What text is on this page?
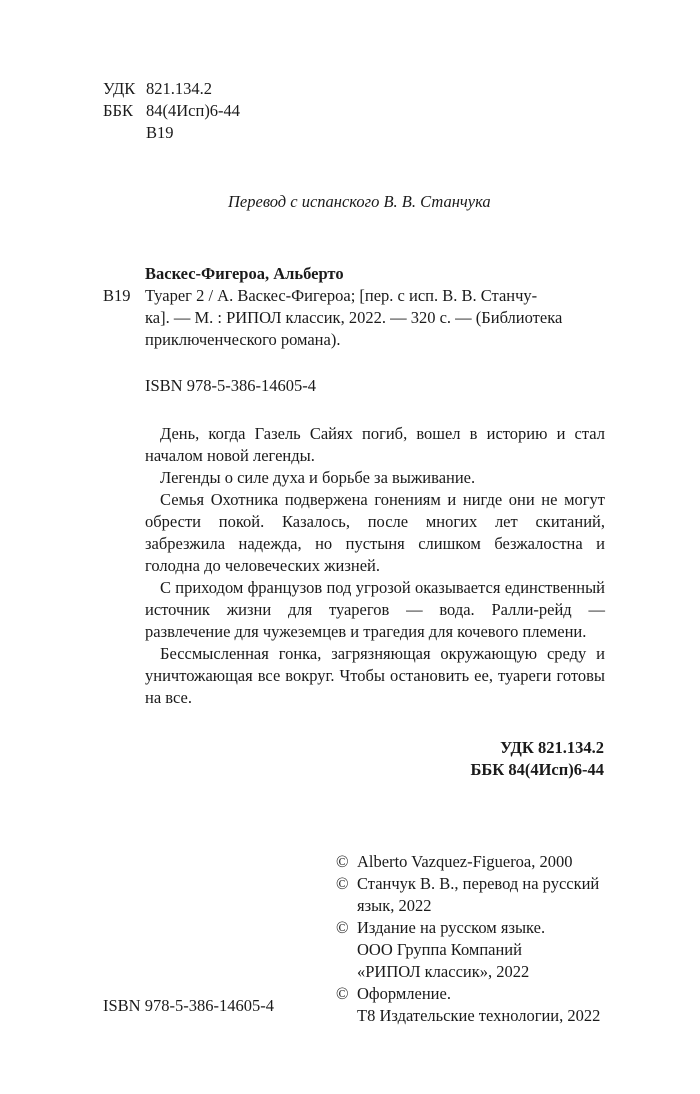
УДК 821.134.2
ББК 84(4Исп)6-44
В19
Перевод с испанского В. В. Станчука
Васкес-Фигероа, Альберто
В19 Туарег 2 / А. Васкес-Фигероа; [пер. с исп. В. В. Станчу-
ка]. — М. : РИПОЛ классик, 2022. — 320 с. — (Библиотека
приключенческого романа).
ISBN 978-5-386-14605-4

День, когда Газель Сайях погиб, вошел в историю и стал началом новой легенды.

Легенды о силе духа и борьбе за выживание.

Семья Охотника подвержена гонениям и нигде они не могут обрести покой. Казалось, после многих лет скитаний, забрезжила надежда, но пустыня слишком безжалостна и голодна до человеческих жизней.

С приходом французов под угрозой оказывается единственный источник жизни для туарегов — вода. Ралли-рейд — развлечение для чужеземцев и трагедия для кочевого племени.

Бессмысленная гонка, загрязняющая окружающую среду и уничтожающая все вокруг. Чтобы остановить ее, туареги готовы на все.

УДК 821.134.2
ББК 84(4Исп)6-44
© Alberto Vazquez-Figueroa, 2000
© Станчук В. В., перевод на русский
язык, 2022
© Издание на русском языке.
ООО Группа Компаний
«РИПОЛ классик», 2022
© Оформление.
Т8 Издательские технологии, 2022
ISBN 978-5-386-14605-4
